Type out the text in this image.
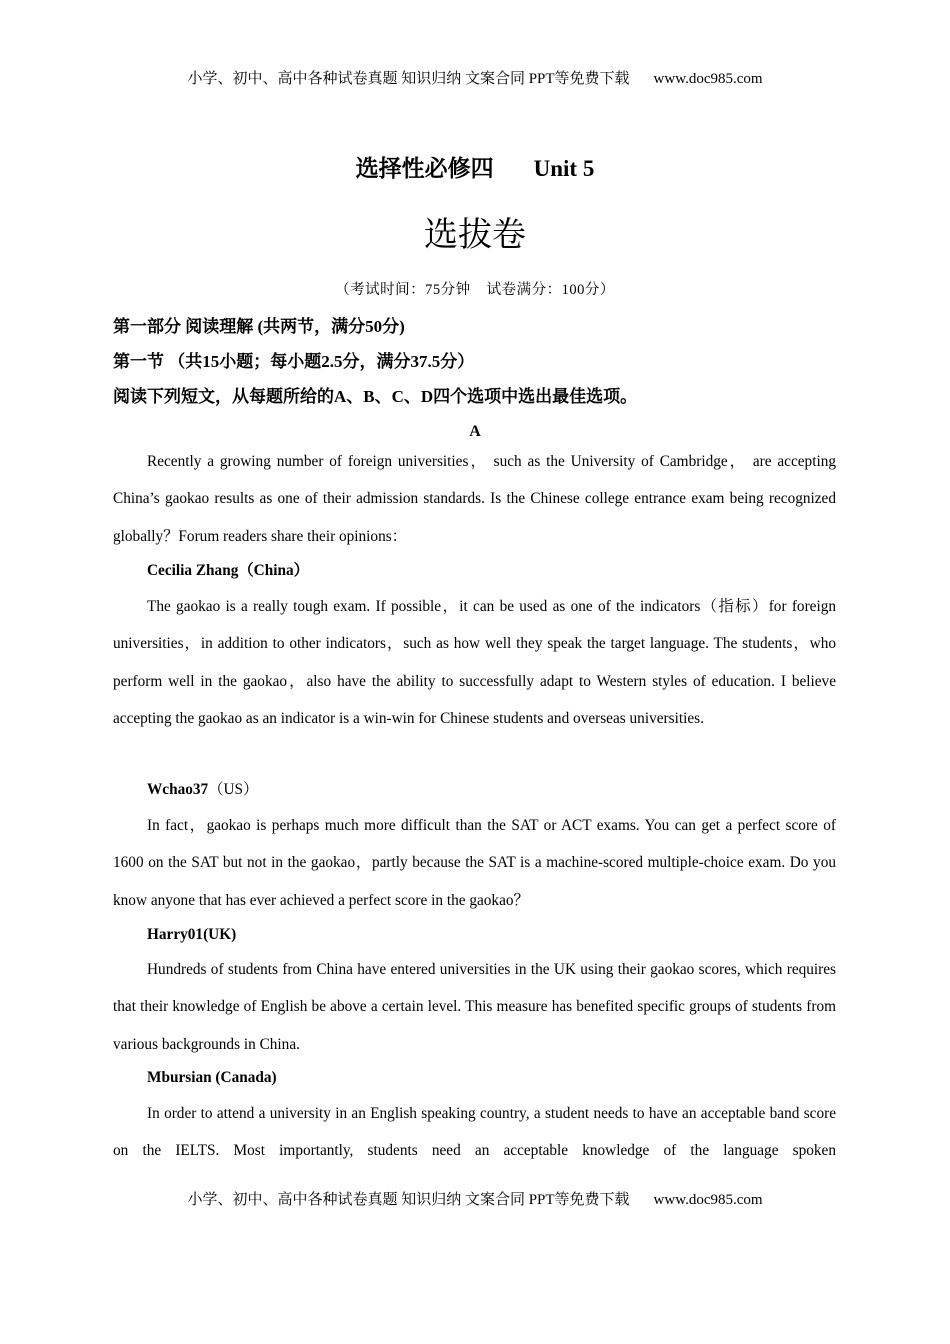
小学、初中、高中各种试卷真题 知识归纳 文案合同 PPT等免费下载 www.doc985.com
选择性必修四 Unit 5
选拔卷
（考试时间：75分钟 试卷满分：100分）
第一部分 阅读理解 (共两节，满分50分)
第一节 （共15小题；每小题2.5分，满分37.5分）
阅读下列短文，从每题所给的A、B、C、D四个选项中选出最佳选项。
A
Recently a growing number of foreign universities， such as the University of Cambridge， are accepting China’s gaokao results as one of their admission standards. Is the Chinese college entrance exam being recognized globally？Forum readers share their opinions：
Cecilia Zhang（China）
The gaokao is a really tough exam. If possible，it can be used as one of the indicators（指标）for foreign universities，in addition to other indicators，such as how well they speak the target language. The students，who perform well in the gaokao，also have the ability to successfully adapt to Western styles of education. I believe accepting the gaokao as an indicator is a win-win for Chinese students and overseas universities.
Wchao37（US）
In fact，gaokao is perhaps much more difficult than the SAT or ACT exams. You can get a perfect score of 1600 on the SAT but not in the gaokao，partly because the SAT is a machine-scored multiple-choice exam. Do you know anyone that has ever achieved a perfect score in the gaokao？
Harry01(UK)
Hundreds of students from China have entered universities in the UK using their gaokao scores, which requires that their knowledge of English be above a certain level. This measure has benefited specific groups of students from various backgrounds in China.
Mbursian (Canada)
In order to attend a university in an English speaking country, a student needs to have an acceptable band score on the IELTS. Most importantly, students need an acceptable knowledge of the language spoken
小学、初中、高中各种试卷真题 知识归纳 文案合同 PPT等免费下载 www.doc985.com
